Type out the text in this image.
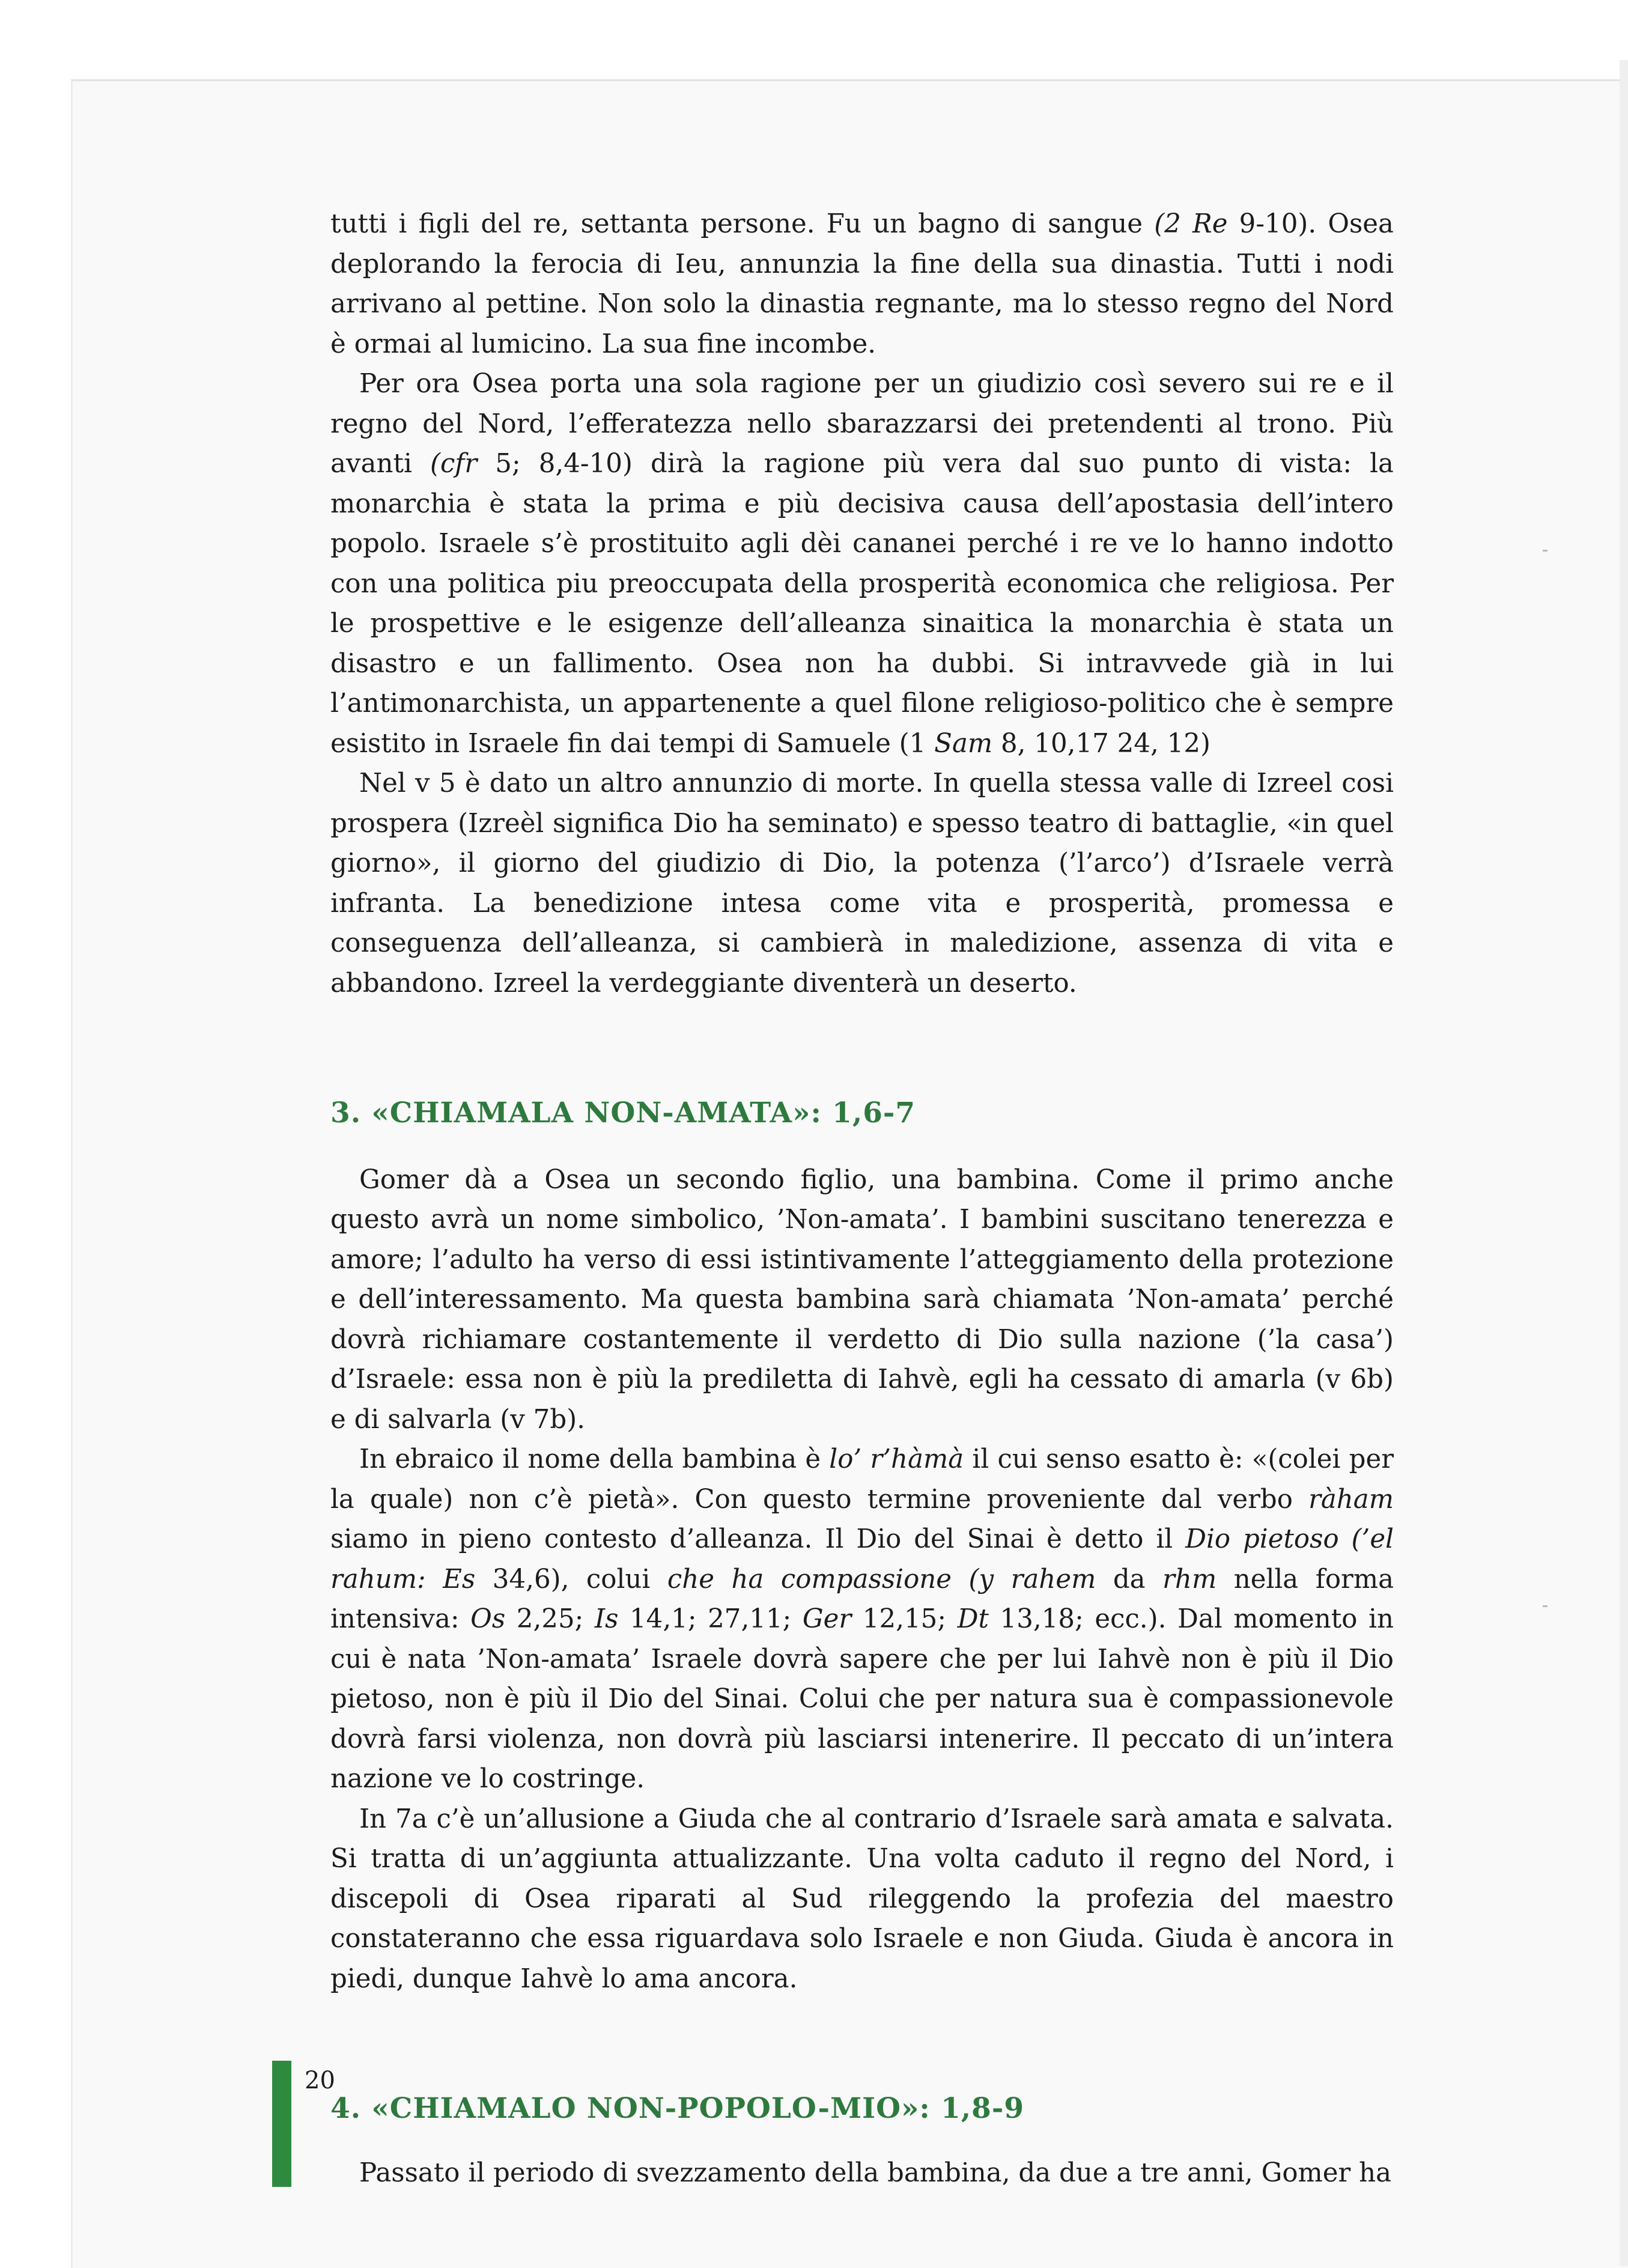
tutti i figli del re, settanta persone. Fu un bagno di sangue (2 Re 9-10). Osea deplorando la ferocia di Ieu, annunzia la fine della sua dinastia. Tutti i nodi arrivano al pettine. Non solo la dinastia regnante, ma lo stesso regno del Nord è ormai al lumicino. La sua fine incombe.

Per ora Osea porta una sola ragione per un giudizio così severo sui re e il regno del Nord, l’efferatezza nello sbarazzarsi dei pretendenti al trono. Più avanti (cfr 5; 8,4-10) dirà la ragione più vera dal suo punto di vista: la monarchia è stata la prima e più decisiva causa dell’apostasia dell’intero popolo. Israele s’è prostituito agli dèi cananei perché i re ve lo hanno indotto con una politica piu preoccupata della prosperità economica che religiosa. Per le prospettive e le esigenze dell’alleanza sinaitica la monarchia è stata un disastro e un fallimento. Osea non ha dubbi. Si intravvede già in lui l’antimonarchista, un appartenente a quel filone religioso-politico che è sempre esistito in Israele fin dai tempi di Samuele (1 Sam 8, 10,17 24, 12)

Nel v 5 è dato un altro annunzio di morte. In quella stessa valle di Izreel cosi prospera (Izreèl significa Dio ha seminato) e spesso teatro di battaglie, «in quel giorno», il giorno del giudizio di Dio, la potenza (’l’arco’) d’Israele verrà infranta. La benedizione intesa come vita e prosperità, promessa e conseguenza dell’alleanza, si cambierà in maledizione, assenza di vita e abbandono. Izreel la verdeggiante diventerà un deserto.

3. «CHIAMALA NON-AMATA»: 1,6-7

Gomer dà a Osea un secondo figlio, una bambina. Come il primo anche questo avrà un nome simbolico, ’Non-amata’. I bambini suscitano tenerezza e amore; l’adulto ha verso di essi istintivamente l’atteggiamento della protezione e dell’interessamento. Ma questa bambina sarà chiamata ’Non-amata’ perché dovrà richiamare costantemente il verdetto di Dio sulla nazione (’la casa’) d’Israele: essa non è più la prediletta di Iahvè, egli ha cessato di amarla (v 6b) e di salvarla (v 7b).

In ebraico il nome della bambina è lo’ r’hàmà il cui senso esatto è: «(colei per la quale) non c’è pietà». Con questo termine proveniente dal verbo ràham siamo in pieno contesto d’alleanza. Il Dio del Sinai è detto il Dio pietoso (’el rahum: Es 34,6), colui che ha compassione (y rahem da rhm nella forma intensiva: Os 2,25; Is 14,1; 27,11; Ger 12,15; Dt 13,18; ecc.). Dal momento in cui è nata ’Non-amata’ Israele dovrà sapere che per lui Iahvè non è più il Dio pietoso, non è più il Dio del Sinai. Colui che per natura sua è compassionevole dovrà farsi violenza, non dovrà più lasciarsi intenerire. Il peccato di un’intera nazione ve lo costringe.

In 7a c’è un’allusione a Giuda che al contrario d’Israele sarà amata e salvata. Si tratta di un’aggiunta attualizzante. Una volta caduto il regno del Nord, i discepoli di Osea riparati al Sud rileggendo la profezia del maestro constateranno che essa riguardava solo Israele e non Giuda. Giuda è ancora in piedi, dunque Iahvè lo ama ancora.

4. «CHIAMALO NON-POPOLO-MIO»: 1,8-9

Passato il periodo di svezzamento della bambina, da due a tre anni, Gomer ha

20
